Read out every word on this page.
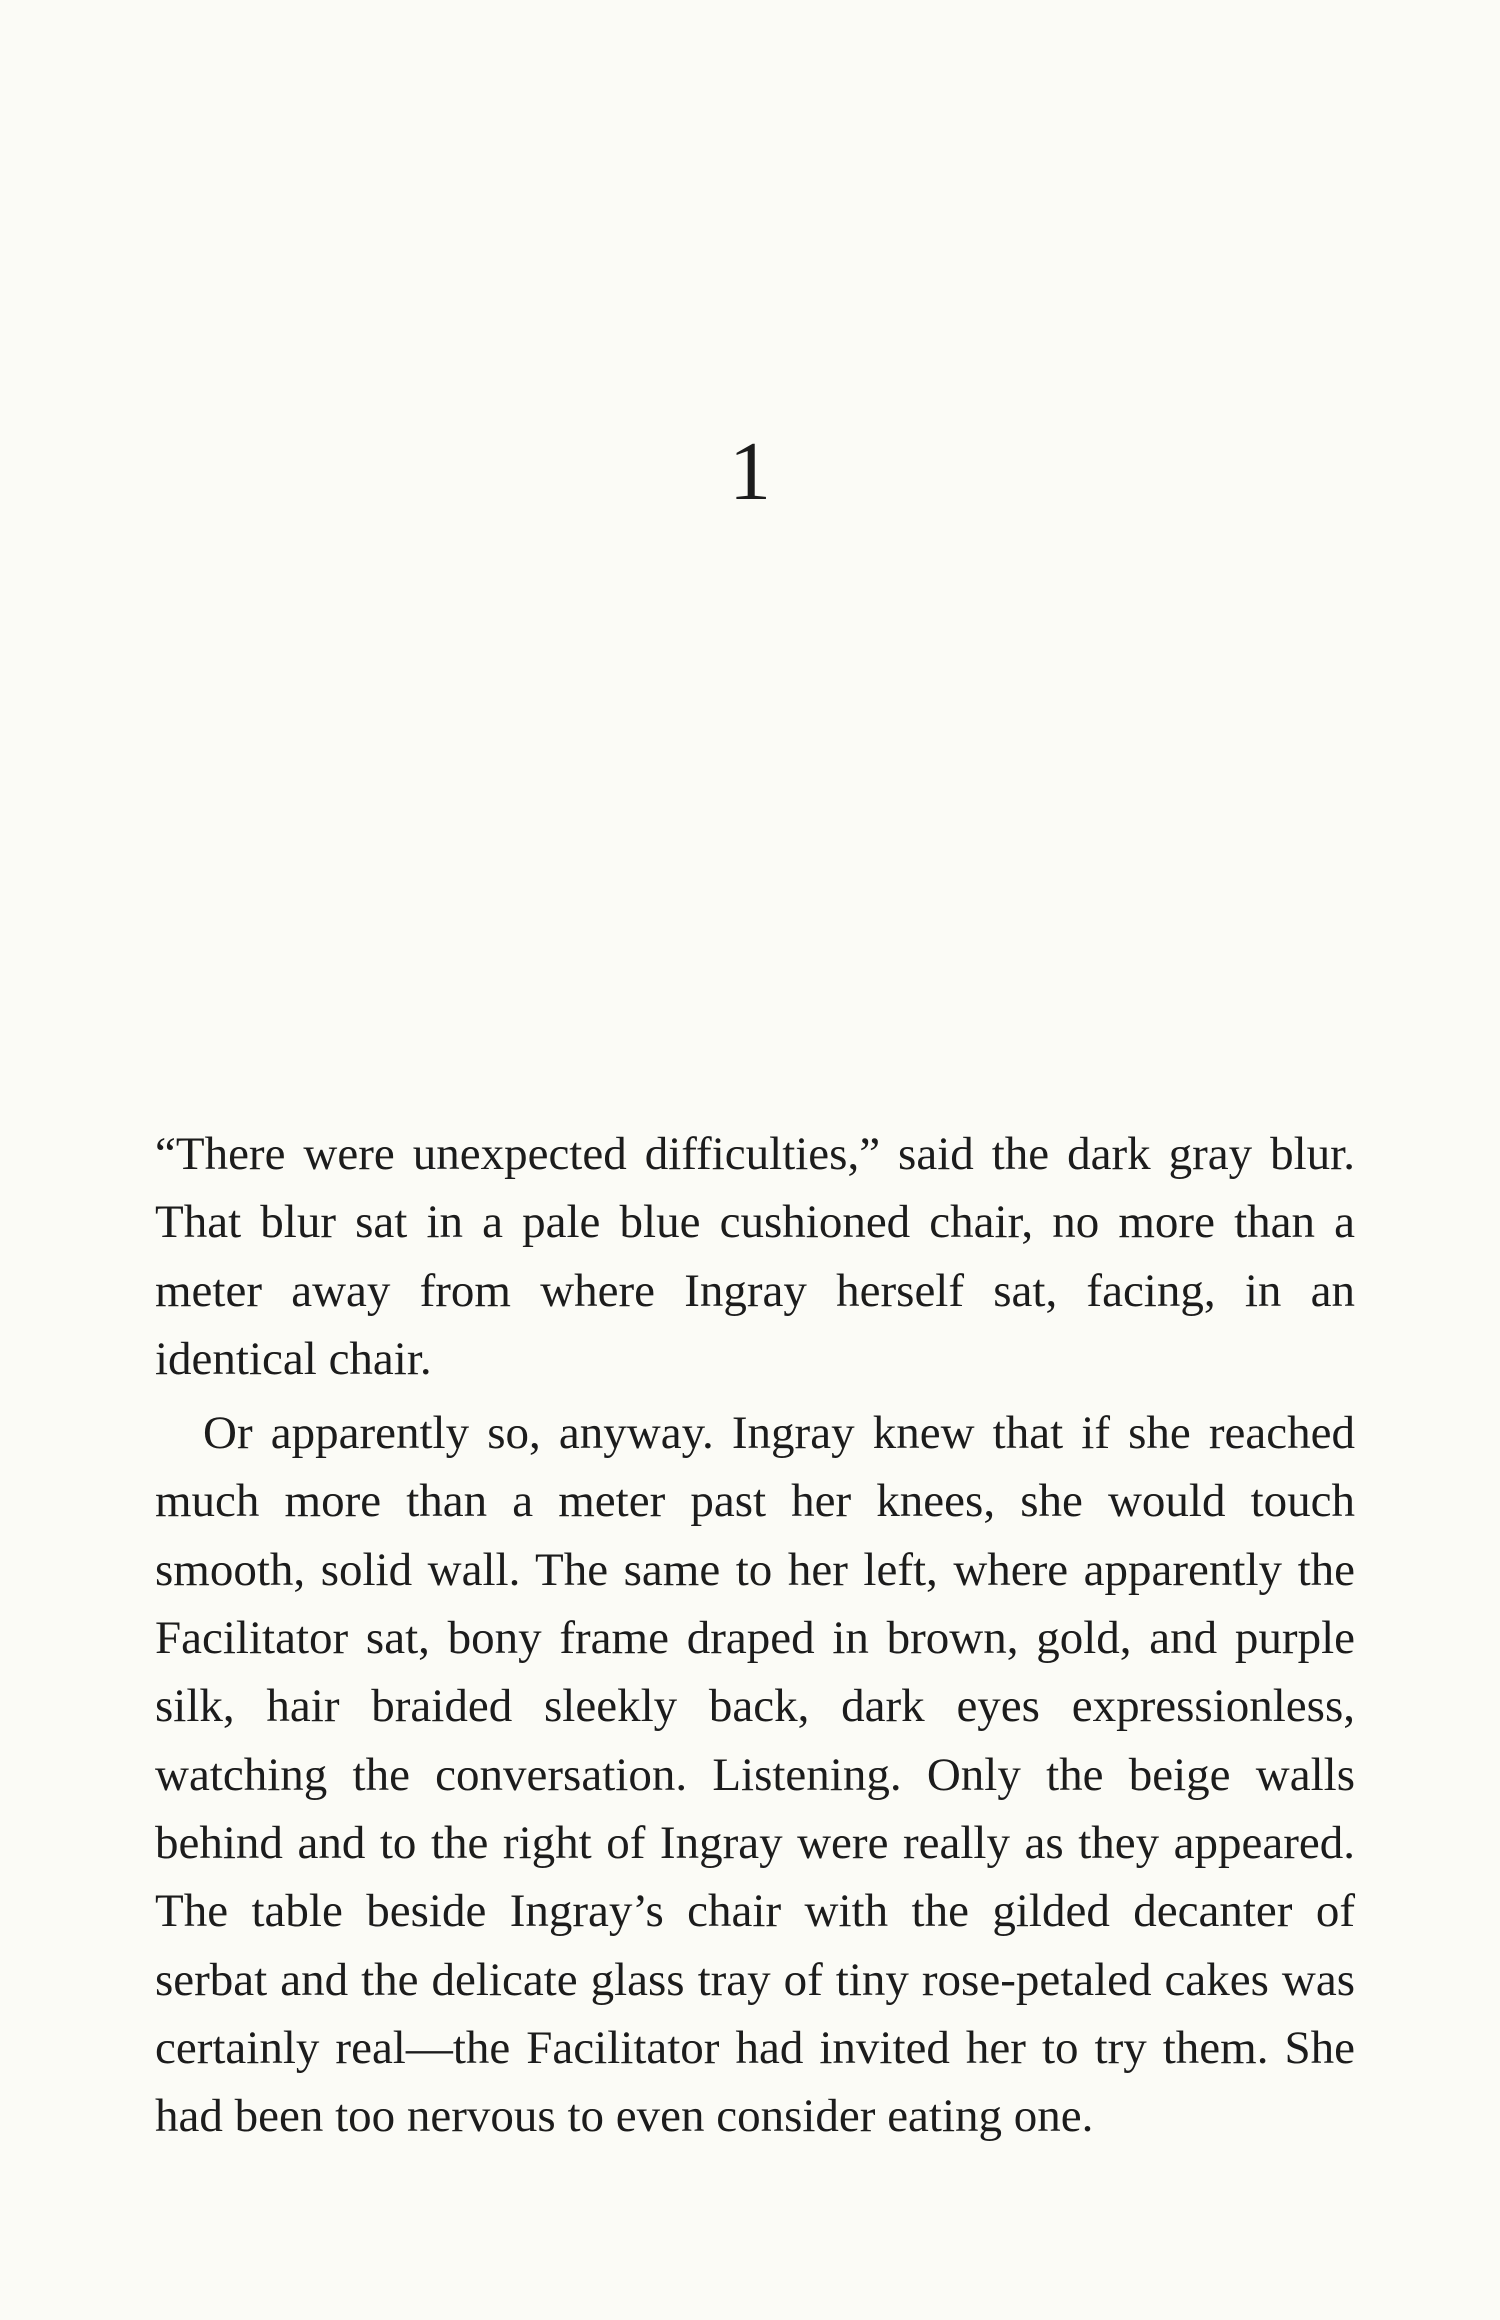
1

“There were unexpected difficulties,” said the dark gray blur. That blur sat in a pale blue cushioned chair, no more than a meter away from where Ingray herself sat, facing, in an identical chair.

Or apparently so, anyway. Ingray knew that if she reached much more than a meter past her knees, she would touch smooth, solid wall. The same to her left, where apparently the Facilitator sat, bony frame draped in brown, gold, and purple silk, hair braided sleekly back, dark eyes expressionless, watching the conversation. Listening. Only the beige walls behind and to the right of Ingray were really as they appeared. The table beside Ingray’s chair with the gilded decanter of serbat and the delicate glass tray of tiny rose-petaled cakes was certainly real—the Facilitator had invited her to try them. She had been too nervous to even consider eating one.
